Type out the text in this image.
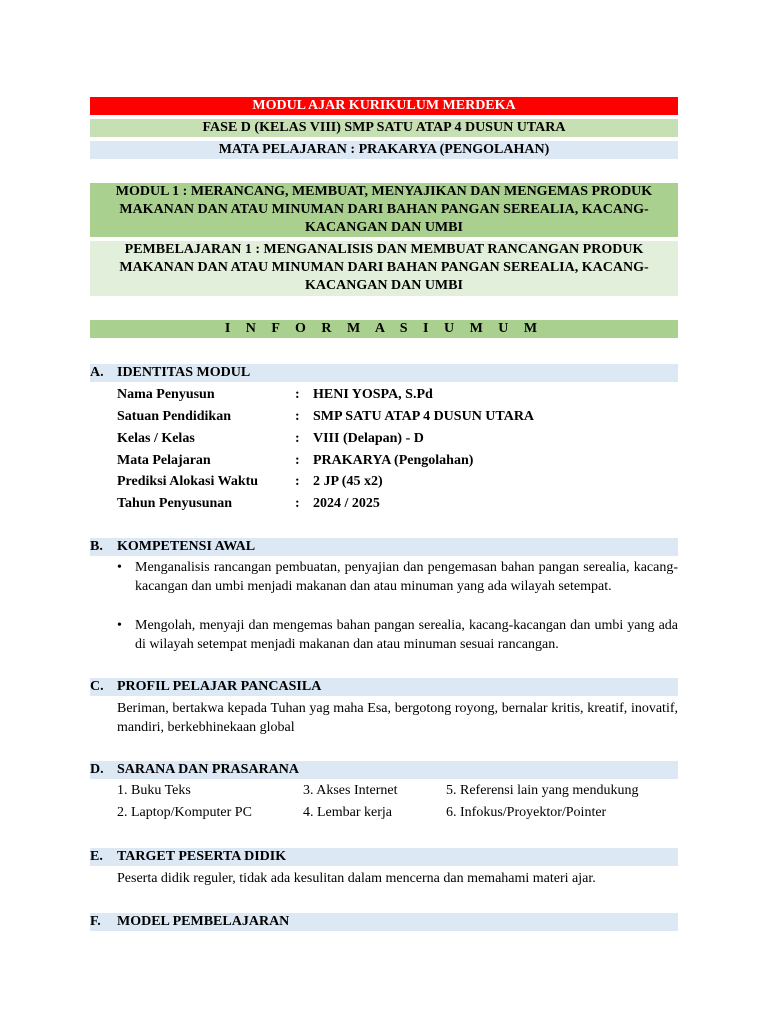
MODUL AJAR KURIKULUM MERDEKA
FASE D (KELAS VIII) SMP SATU ATAP 4 DUSUN UTARA
MATA PELAJARAN : PRAKARYA (PENGOLAHAN)
MODUL 1 : MERANCANG, MEMBUAT, MENYAJIKAN DAN MENGEMAS PRODUK MAKANAN DAN ATAU MINUMAN DARI BAHAN PANGAN SEREALIA, KACANG-KACANGAN DAN UMBI
PEMBELAJARAN 1 : MENGANALISIS DAN MEMBUAT RANCANGAN PRODUK MAKANAN DAN ATAU MINUMAN DARI BAHAN PANGAN SEREALIA, KACANG-KACANGAN DAN UMBI
I N F O R M A S I U M U M
A. IDENTITAS MODUL
Nama Penyusun	: HENI YOSPA, S.Pd
Satuan Pendidikan	: SMP SATU ATAP 4 DUSUN UTARA
Kelas / Kelas	: VIII (Delapan) - D
Mata Pelajaran	: PRAKARYA (Pengolahan)
Prediksi Alokasi Waktu	: 2 JP (45 x2)
Tahun Penyusunan	: 2024 / 2025
B. KOMPETENSI AWAL
• Menganalisis rancangan pembuatan, penyajian dan pengemasan bahan pangan serealia, kacang-kacangan dan umbi menjadi makanan dan atau minuman yang ada wilayah setempat.
• Mengolah, menyaji dan mengemas bahan pangan serealia, kacang-kacangan dan umbi yang ada di wilayah setempat menjadi makanan dan atau minuman sesuai rancangan.
C. PROFIL PELAJAR PANCASILA
Beriman, bertakwa kepada Tuhan yag maha Esa, bergotong royong, bernalar kritis, kreatif, inovatif, mandiri, berkebhinekaan global
D. SARANA DAN PRASARANA
1. Buku Teks	3. Akses Internet	5. Referensi lain yang mendukung
2. Laptop/Komputer PC	4. Lembar kerja	6. Infokus/Proyektor/Pointer
E. TARGET PESERTA DIDIK
Peserta didik reguler, tidak ada kesulitan dalam mencerna dan memahami materi ajar.
F. MODEL PEMBELAJARAN
